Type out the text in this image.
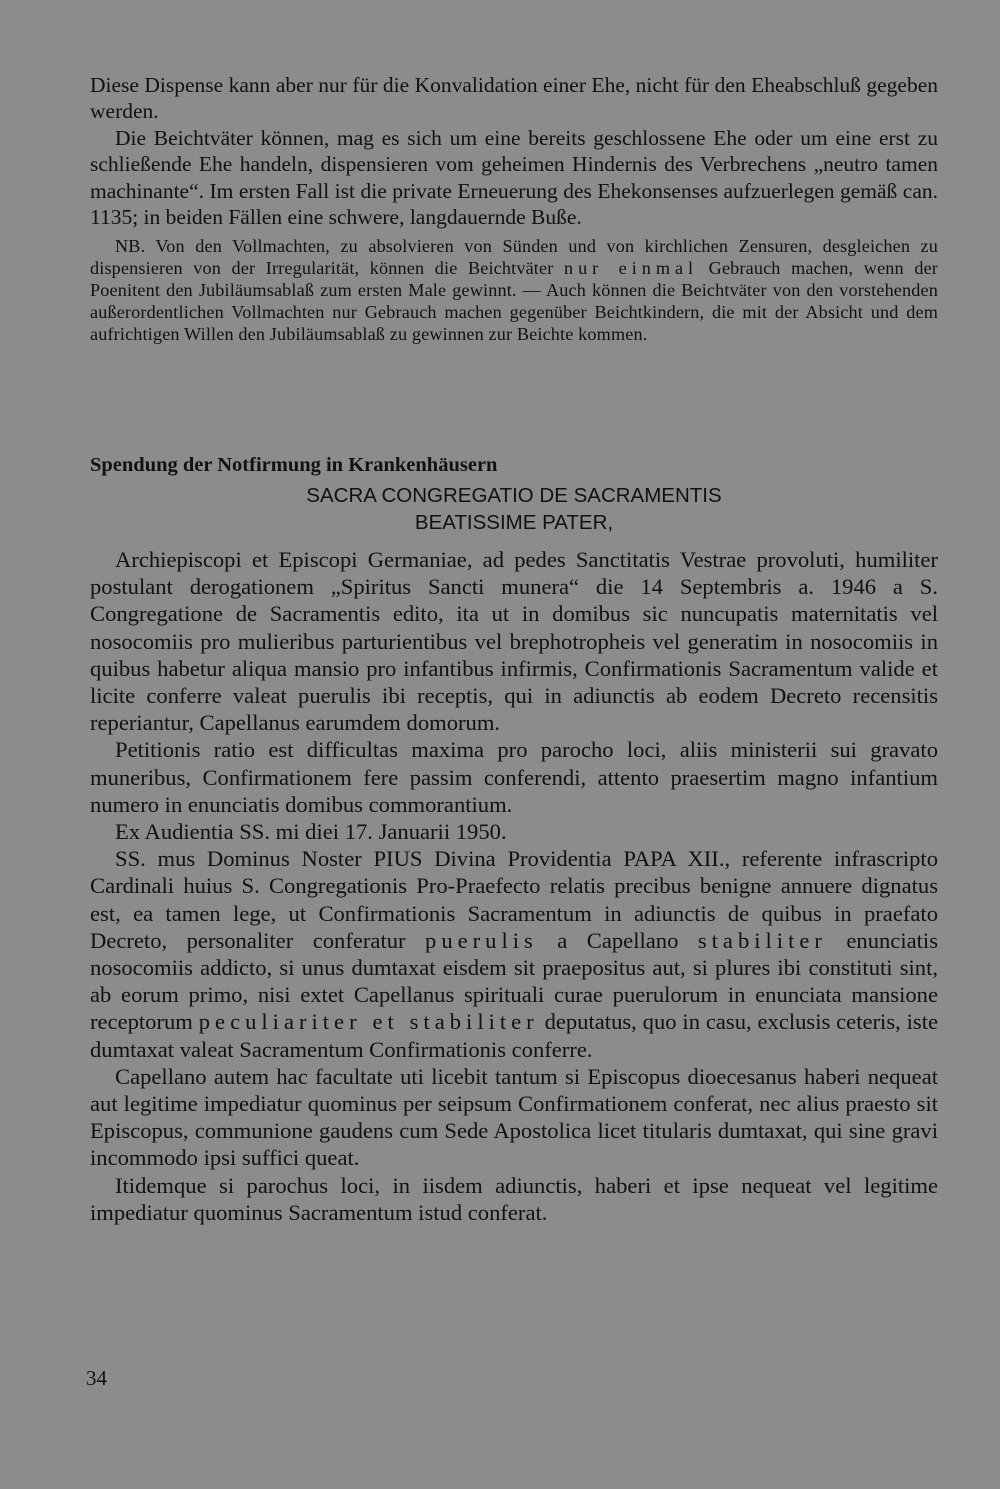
Diese Dispense kann aber nur für die Konvalidation einer Ehe, nicht für den Eheabschluß gegeben werden.

Die Beichtväter können, mag es sich um eine bereits geschlossene Ehe oder um eine erst zu schließende Ehe handeln, dispensieren vom geheimen Hindernis des Verbrechens „neutro tamen machinante“. Im ersten Fall ist die private Erneuerung des Ehekonsenses aufzuerlegen gemäß can. 1135; in beiden Fällen eine schwere, langdauernde Buße.

NB. Von den Vollmachten, zu absolvieren von Sünden und von kirchlichen Zensuren, desgleichen zu dispensieren von der Irregularität, können die Beichtväter nur einmal Gebrauch machen, wenn der Poenitent den Jubiläumsablaß zum ersten Male gewinnt. — Auch können die Beichtväter von den vorstehenden außerordentlichen Vollmachten nur Gebrauch machen gegenüber Beichtkindern, die mit der Absicht und dem aufrichtigen Willen den Jubiläumsablaß zu gewinnen zur Beichte kommen.

Spendung der Notfirmung in Krankenhäusern
SACRA CONGREGATIO DE SACRAMENTIS
BEATISSIME PATER,

Archiepiscopi et Episcopi Germaniae, ad pedes Sanctitatis Vestrae provoluti, humiliter postulant derogationem „Spiritus Sancti munera“ die 14 Septembris a. 1946 a S. Congregatione de Sacramentis edito, ita ut in domibus sic nuncupatis maternitatis vel nosocomiis pro mulieribus parturientibus vel brephotropheis vel generatim in nosocomiis in quibus habetur aliqua mansio pro infantibus infirmis, Confirmationis Sacramentum valide et licite conferre valeat puerulis ibi receptis, qui in adiunctis ab eodem Decreto recensitis reperiantur, Capellanus earumdem domorum.

Petitionis ratio est difficultas maxima pro parocho loci, aliis ministerii sui gravato muneribus, Confirmationem fere passim conferendi, attento praesertim magno infantium numero in enunciatis domibus commorantium.

Ex Audientia SS. mi diei 17. Januarii 1950.

SS. mus Dominus Noster PIUS Divina Providentia PAPA XII., referente infrascripto Cardinali huius S. Congregationis Pro-Praefecto relatis precibus benigne annuere dignatus est, ea tamen lege, ut Confirmationis Sacramentum in adiunctis de quibus in praefato Decreto, personaliter conferatur puerulis a Capellano stabiliter enunciatis nosocomiis addicto, si unus dumtaxat eisdem sit praepositus aut, si plures ibi constituti sint, ab eorum primo, nisi extet Capellanus spirituali curae puerulorum in enunciata mansione receptorum peculiariter et stabiliter deputatus, quo in casu, exclusis ceteris, iste dumtaxat valeat Sacramentum Confirmationis conferre.

Capellano autem hac facultate uti licebit tantum si Episcopus dioecesanus haberi nequeat aut legitime impediatur quominus per seipsum Confirmationem conferat, nec alius praesto sit Episcopus, communione gaudens cum Sede Apostolica licet titularis dumtaxat, qui sine gravi incommodo ipsi suffici queat.

Itidemque si parochus loci, in iisdem adiunctis, haberi et ipse nequeat vel legitime impediatur quominus Sacramentum istud conferat.

34
